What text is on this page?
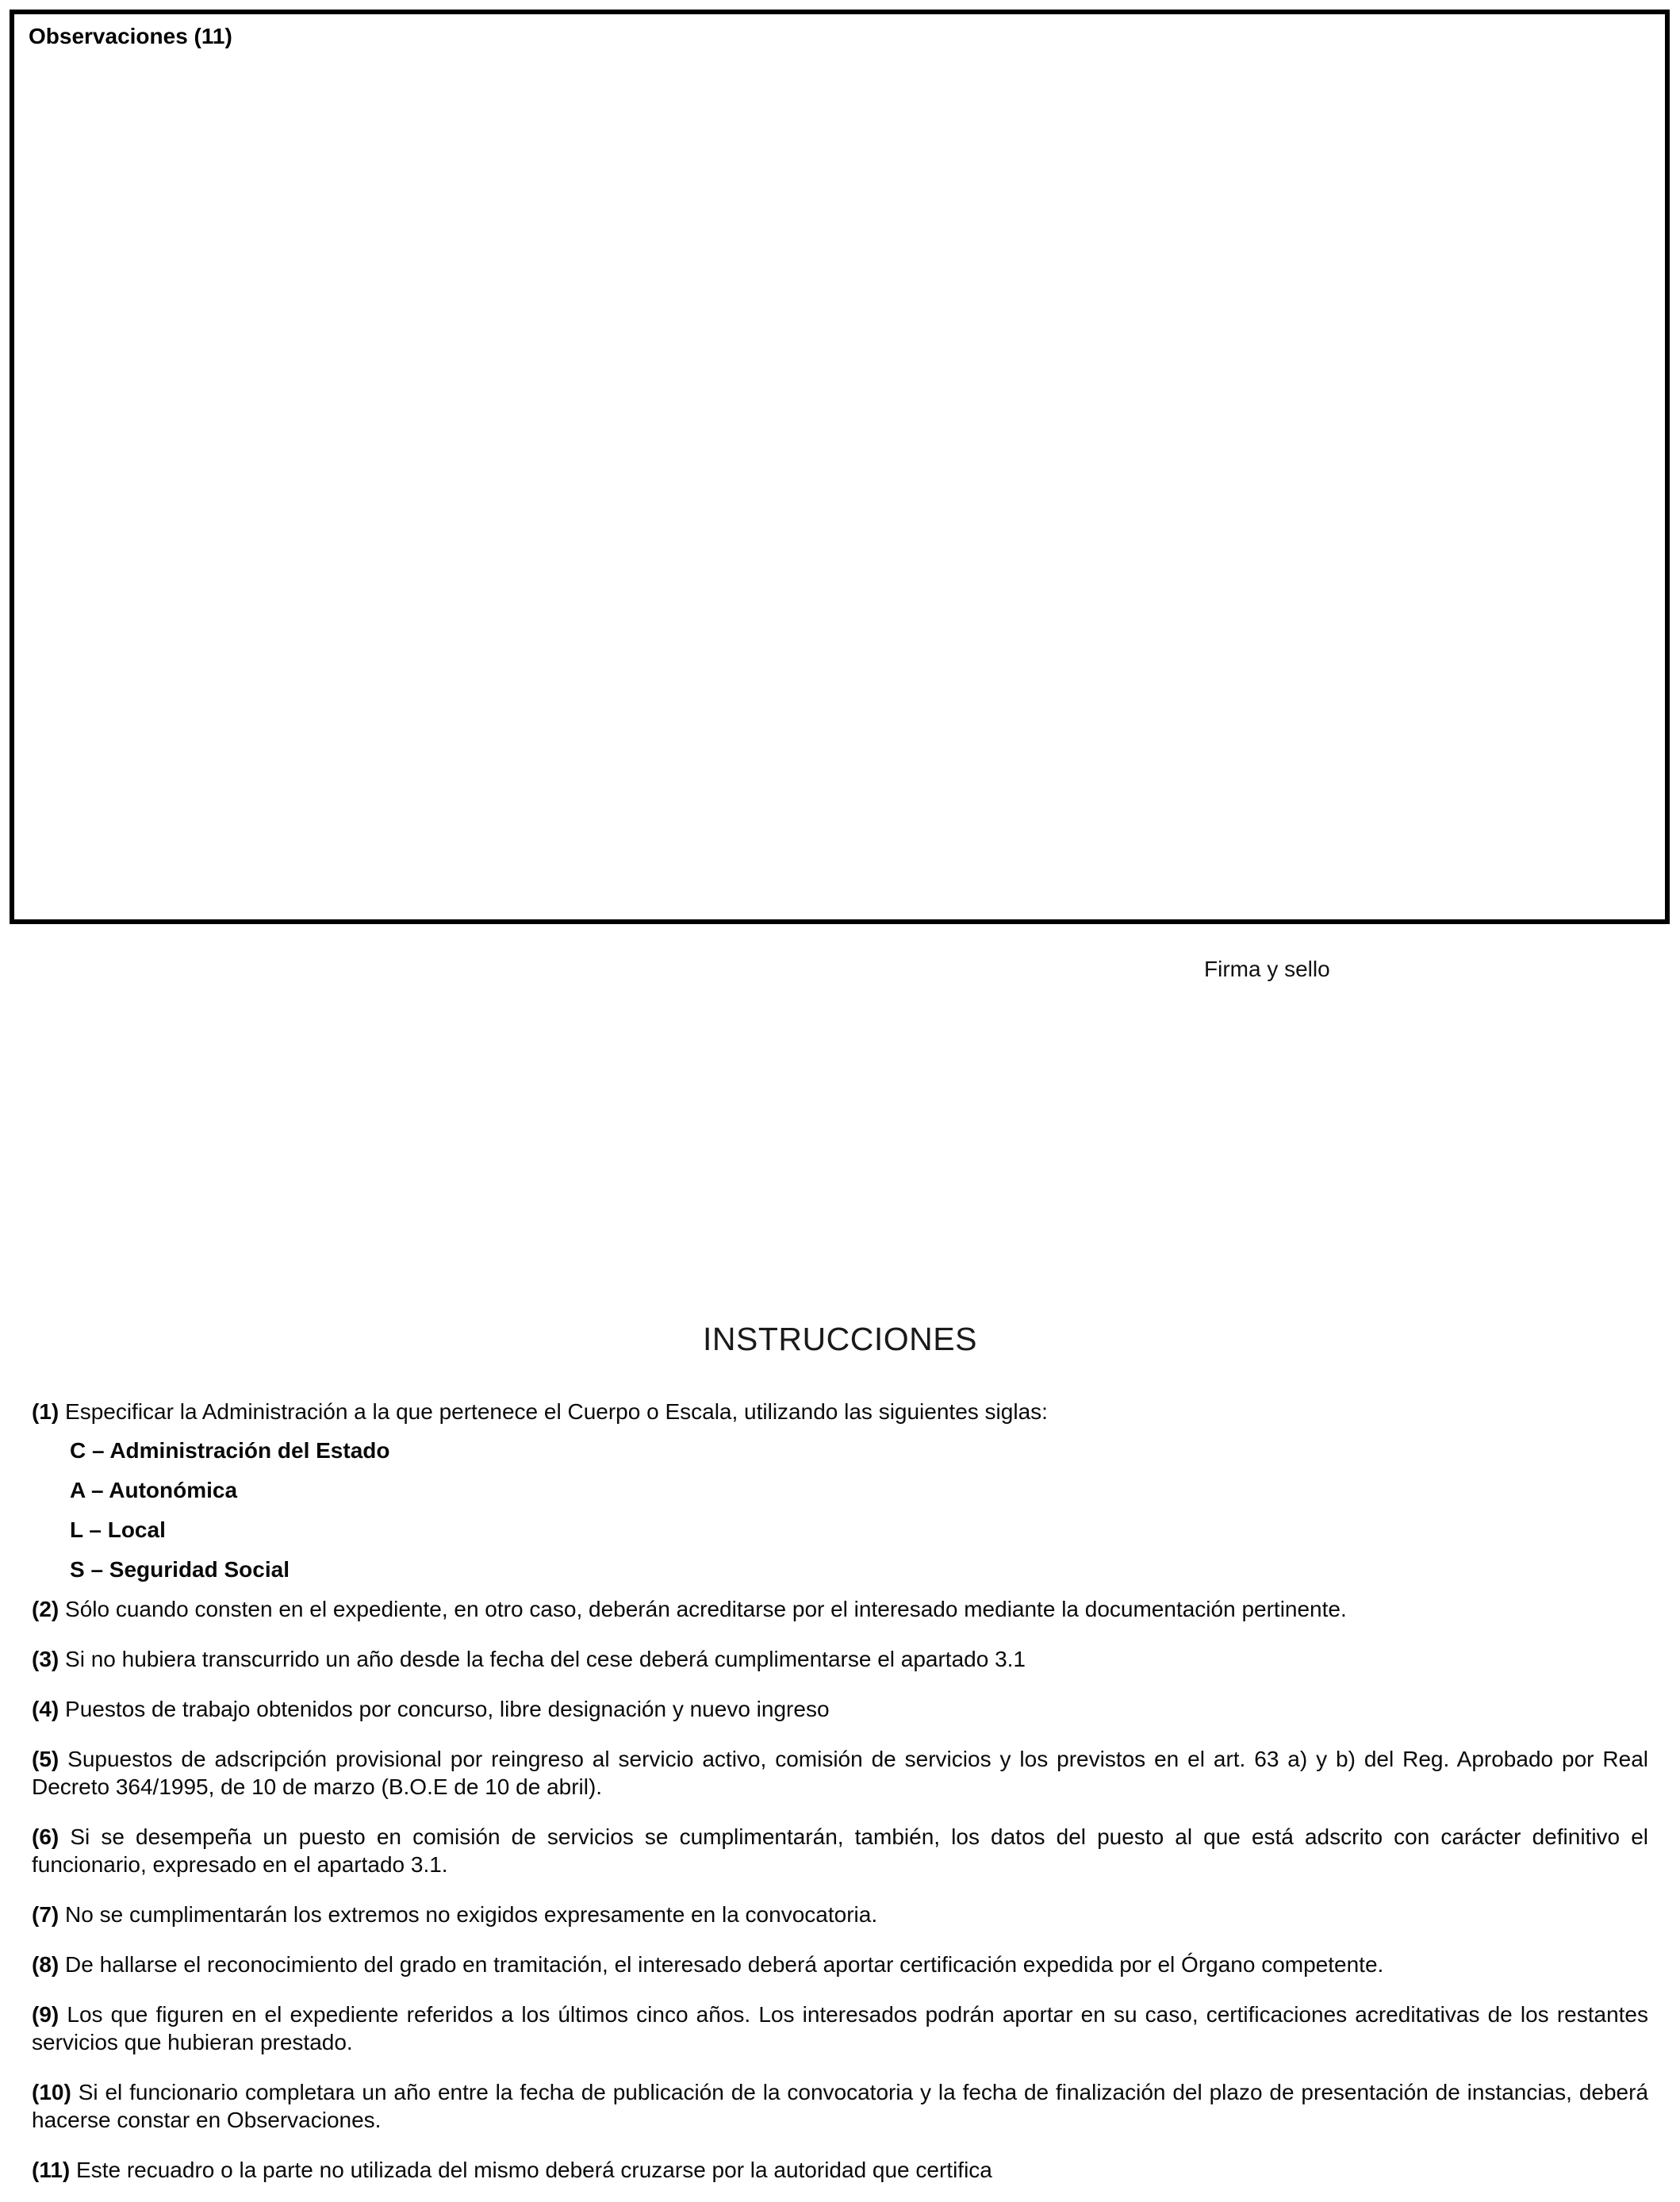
Observaciones (11)
Firma y sello
INSTRUCCIONES

(1) Especificar la Administración a la que pertenece el Cuerpo o Escala, utilizando las siguientes siglas:

C – Administración del Estado

A – Autonómica

L – Local

S – Seguridad Social

(2) Sólo cuando consten en el expediente, en otro caso, deberán acreditarse por el interesado mediante la documentación pertinente.

(3) Si no hubiera transcurrido un año desde la fecha del cese deberá cumplimentarse el apartado 3.1

(4) Puestos de trabajo obtenidos por concurso, libre designación y nuevo ingreso

(5) Supuestos de adscripción provisional por reingreso al servicio activo, comisión de servicios y los previstos en el art. 63 a) y b) del Reg. Aprobado por Real Decreto 364/1995, de 10 de marzo (B.O.E de 10 de abril).

(6) Si se desempeña un puesto en comisión de servicios se cumplimentarán, también, los datos del puesto al que está adscrito con carácter definitivo el funcionario, expresado en el apartado 3.1.

(7) No se cumplimentarán los extremos no exigidos expresamente en la convocatoria.

(8) De hallarse el reconocimiento del grado en tramitación, el interesado deberá aportar certificación expedida por el Órgano competente.

(9) Los que figuren en el expediente referidos a los últimos cinco años. Los interesados podrán aportar en su caso, certificaciones acreditativas de los restantes servicios que hubieran prestado.

(10) Si el funcionario completara un año entre la fecha de publicación de la convocatoria y la fecha de finalización del plazo de presentación de instancias, deberá hacerse constar en Observaciones.

(11) Este recuadro o la parte no utilizada del mismo deberá cruzarse por la autoridad que certifica
